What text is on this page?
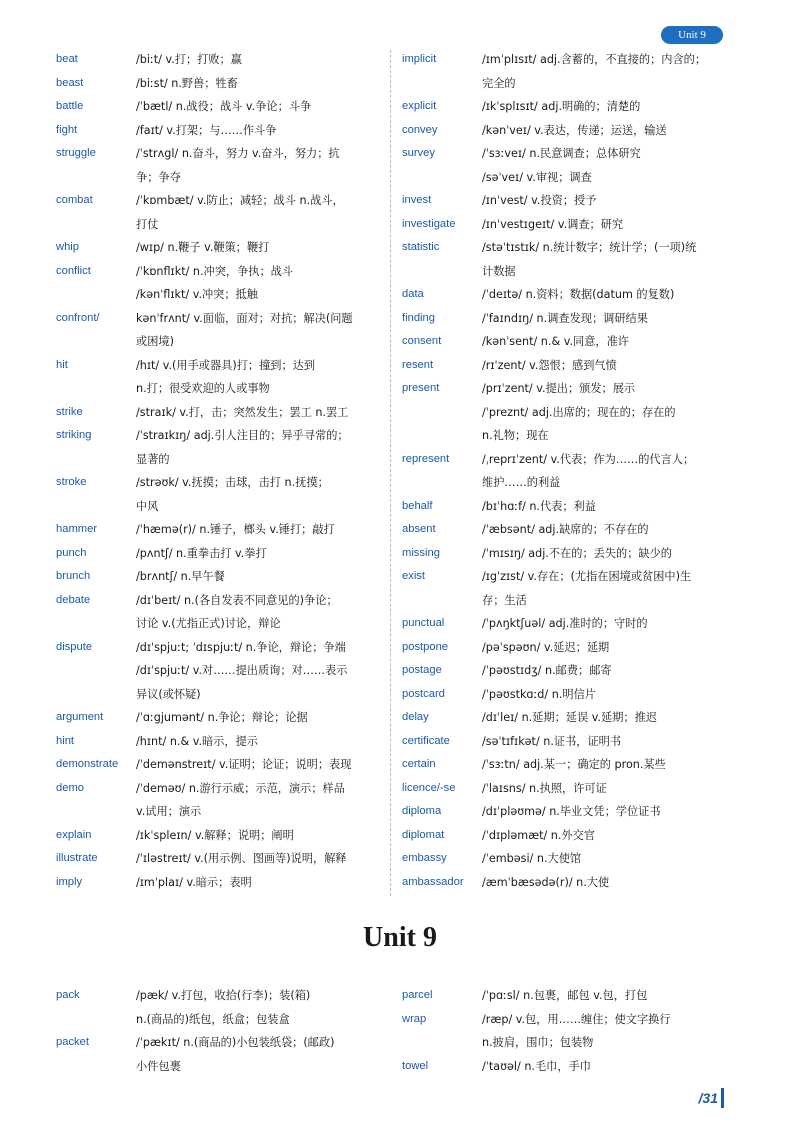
Unit 9
beat	/biːt/ v.打；打败；赢
beast	/biːst/ n.野兽；牲畜
battle	/ˈbætl/ n.战役；战斗 v.争论；斗争
fight	/faɪt/ v.打架；与……作斗争
struggle	/ˈstrʌgl/ n.奋斗，努力 v.奋斗，努力；抗
争；争夺
combat	/ˈkɒmbæt/ v.防止；减轻；战斗 n.战斗，
打仗
whip	/wɪp/ n.鞭子 v.鞭策；鞭打
conflict	/ˈkɒnflɪkt/ n.冲突，争执；战斗
/kənˈflɪkt/ v.冲突；抵触
confront/	kənˈfrʌnt/ v.面临，面对；对抗；解决(问题
或困境)
hit	/hɪt/ v.(用手或器具)打；撞到；达到
n.打；很受欢迎的人或事物
strike	/straɪk/ v.打，击；突然发生；罢工 n.罢工
striking	/ˈstraɪkɪŋ/ adj.引人注目的；异乎寻常的；
显著的
stroke	/strəʊk/ v.抚摸；击球，击打 n.抚摸；
中风
hammer	/ˈhæmə(r)/ n.锤子，榔头 v.锤打；敲打
punch	/pʌntʃ/ n.重拳击打 v.拳打
brunch	/brʌntʃ/ n.早午餐
debate	/dɪˈbeɪt/ n.(各自发表不同意见的)争论；
讨论 v.(尤指正式)讨论，辩论
dispute	/dɪˈspjuːt; ˈdɪspjuːt/ n.争论，辩论；争端
/dɪˈspjuːt/ v.对……提出质询；对……表示
异议(或怀疑)
argument	/ˈɑːgjumənt/ n.争论；辩论；论据
hint	/hɪnt/ n.& v.暗示，提示
demonstrate	/ˈdemənstreɪt/ v.证明；论证；说明；表现
demo	/ˈdeməʊ/ n.游行示威；示范，演示；样品
v.试用；演示
explain	/ɪkˈspleɪn/ v.解释；说明；阐明
illustrate	/ˈɪləstreɪt/ v.(用示例、图画等)说明，解释
imply	/ɪmˈplaɪ/ v.暗示；表明
implicit	/ɪmˈplɪsɪt/ adj.含蓄的，不直接的；内含的；
完全的
explicit	/ɪkˈsplɪsɪt/ adj.明确的；清楚的
convey	/kənˈveɪ/ v.表达，传递；运送，输送
survey	/ˈsɜːveɪ/ n.民意调查；总体研究
/səˈveɪ/ v.审视；调查
invest	/ɪnˈvest/ v.投资；授予
investigate	/ɪnˈvestɪgeɪt/ v.调查；研究
statistic	/stəˈtɪstɪk/ n.统计数字；统计学；(一项)统
计数据
data	/ˈdeɪtə/ n.资料；数据(datum 的复数)
finding	/ˈfaɪndɪŋ/ n.调查发现；调研结果
consent	/kənˈsent/ n.& v.同意，准许
resent	/rɪˈzent/ v.怨恨；感到气愤
present	/prɪˈzent/ v.提出；颁发；展示
/ˈpreznt/ adj.出席的；现在的；存在的
n.礼物；现在
represent	/ˌreprɪˈzent/ v.代表；作为……的代言人；
维护……的利益
behalf	/bɪˈhɑːf/ n.代表；利益
absent	/ˈæbsənt/ adj.缺席的；不存在的
missing	/ˈmɪsɪŋ/ adj.不在的；丢失的；缺少的
exist	/ɪgˈzɪst/ v.存在；(尤指在困境或贫困中)生
存；生活
punctual	/ˈpʌŋktʃuəl/ adj.准时的；守时的
postpone	/pəˈspəʊn/ v.延迟；延期
postage	/ˈpəʊstɪdʒ/ n.邮费；邮寄
postcard	/ˈpəʊstkɑːd/ n.明信片
delay	/dɪˈleɪ/ n.延期；延误 v.延期；推迟
certificate	/səˈtɪfɪkət/ n.证书，证明书
certain	/ˈsɜːtn/ adj.某一；确定的 pron.某些
licence/-se	/ˈlaɪsns/ n.执照，许可证
diploma	/dɪˈpləʊmə/ n.毕业文凭；学位证书
diplomat	/ˈdɪpləmæt/ n.外交官
embassy	/ˈembəsi/ n.大使馆
ambassador	/æmˈbæsədə(r)/ n.大使
Unit 9
pack	/pæk/ v.打包，收拾(行李)；装(箱)
n.(商品的)纸包，纸盒；包装盒
packet	/ˈpækɪt/ n.(商品的)小包装纸袋；(邮政)
小件包裹
parcel	/ˈpɑːsl/ n.包裹，邮包 v.包，打包
wrap	/ræp/ v.包，用……缠住；使文字换行
n.披肩，围巾；包装物
towel	/ˈtaʊəl/ n.毛巾，手巾
/31
